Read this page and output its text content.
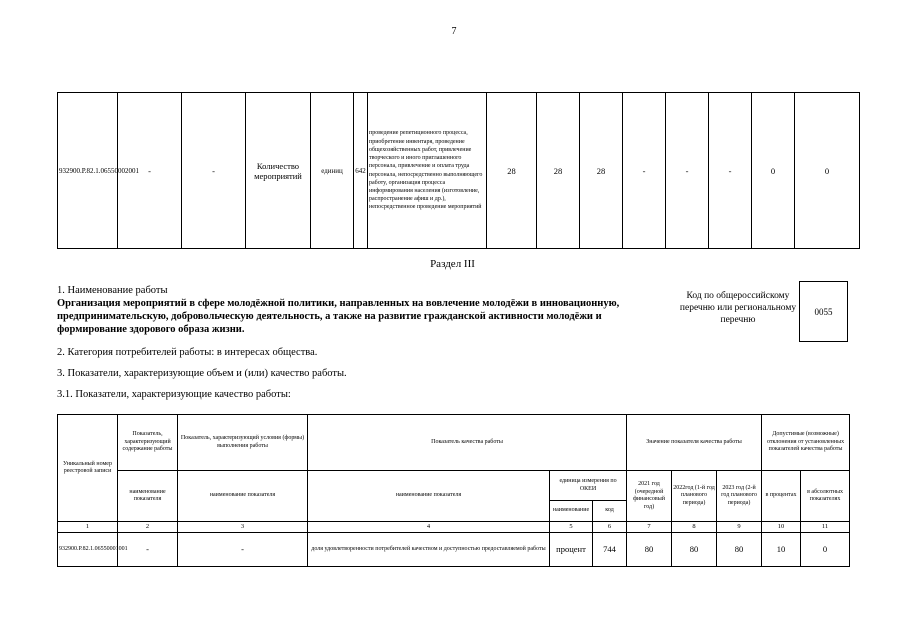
7
932900.Р.82.1.06550002001	-	-	Количество мероприятий	единиц	642	проведение репетиционного процесса, приобретение инвентаря, проведение общехозяйственных работ, привлечение творческого и иного приглашенного персонала, привлечение и оплата труда персонала, непосредственно выполняющего работу, организация процесса информирования населения (изготовление, распространение афиш и др.), непосредственное проведение мероприятий	28	28	28	-	-	-	0	0
Раздел III
1. Наименование работы
Организация мероприятий в сфере молодёжной политики, направленных на вовлечение молодёжи в инновационную, предпринимательскую, добровольческую деятельность, а также на развитие гражданской активности молодёжи и формирование здорового образа жизни.
Код по общероссийскому перечню или региональному перечню
0055
2. Категория потребителей работы: в интересах общества.
3. Показатели, характеризующие объем и (или) качество работы.
3.1. Показатели, характеризующие качество работы:
Уникальный номер реестровой записи	Показатель, характеризующий содержание работы	Показатель, характеризующий условия (формы) выполнения работы	Показатель качества работы			Значение показателя качества работы			Допустимые (возможные) отклонения от установленных показателей качества работы	
	наименование показателя	наименование показателя	наименование показателя	единица измерения по ОКЕИ		2021 год (очередной финансовый год)	2022год (1-й год планового периода)	2023 год (2-й год планового периода)	в процентах	в абсолютных показателях
				наименование	код					
1	2	3	4	5	6	7	8	9	10	11
932900.Р.82.1.06550001001	-	-	доля удовлетворенности потребителей качеством и доступностью предоставляемой работы	процент	744	80	80	80	10	0
